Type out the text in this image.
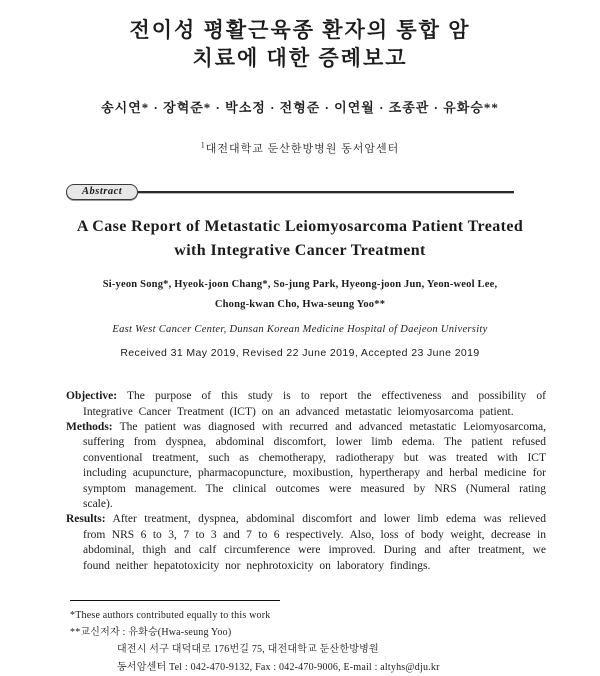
전이성 평활근육종 환자의 통합 암
치료에 대한 증례보고
송시연* · 장혁준* · 박소정 · 전형준 · 이연월 · 조종관 · 유화승**
$^1$대전대학교 둔산한방병원 동서암센터
Abstract
A Case Report of Metastatic Leiomyosarcoma Patient Treated
with Integrative Cancer Treatment
Si-yeon Song*, Hyeok-joon Chang*, So-jung Park, Hyeong-joon Jun, Yeon-weol Lee,
Chong-kwan Cho, Hwa-seung Yoo**
East West Cancer Center, Dunsan Korean Medicine Hospital of Daejeon University
Received 31 May 2019, Revised 22 June 2019, Accepted 23 June 2019

Objective: The purpose of this study is to report the effectiveness and possibility of Integrative Cancer Treatment (ICT) on an advanced metastatic leiomyosarcoma patient.

Methods: The patient was diagnosed with recurred and advanced metastatic Leiomyosarcoma, suffering from dyspnea, abdominal discomfort, lower limb edema. The patient refused conventional treatment, such as chemotherapy, radiotherapy but was treated with ICT including acupuncture, pharmacopuncture, moxibustion, hypertherapy and herbal medicine for symptom management. The clinical outcomes were measured by NRS (Numeral rating scale).

Results: After treatment, dyspnea, abdominal discomfort and lower limb edema was relieved from NRS 6 to 3, 7 to 3 and 7 to 6 respectively. Also, loss of body weight, decrease in abdominal, thigh and calf circumference were improved. During and after treatment, we found neither hepatotoxicity nor nephrotoxicity on laboratory findings.

*These authors contributed equally to this work
**교신저자 : 유화승(Hwa-seung Yoo)
대전시 서구 대덕대로 176번길 75, 대전대학교 둔산한방병원
동서암센터 Tel : 042-470-9132, Fax : 042-470-9006, E-mail : altyhs@dju.kr
